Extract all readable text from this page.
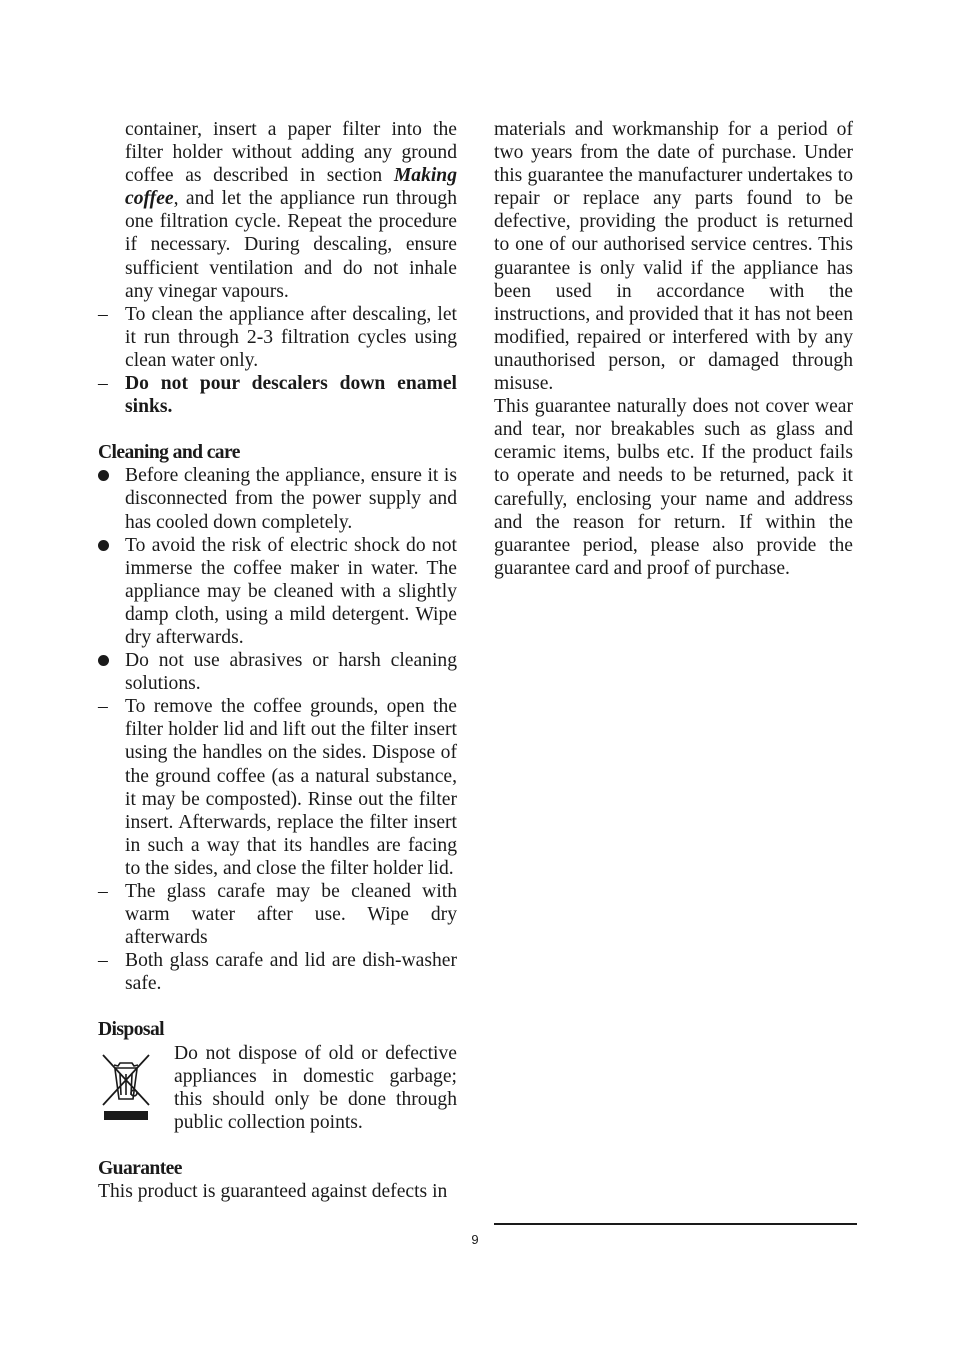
container, insert a paper filter into the filter holder without adding any ground coffee as described in section Making coffee, and let the appliance run through one filtration cycle. Repeat the procedure if necessary. During descaling, ensure sufficient ventilation and do not inhale any vinegar vapours.

– To clean the appliance after descaling, let it run through 2-3 filtration cycles using clean water only.
– Do not pour descalers down enamel sinks.

Cleaning and care

Before cleaning the appliance, ensure it is disconnected from the power supply and has cooled down completely.
To avoid the risk of electric shock do not immerse the coffee maker in water. The appliance may be cleaned with a slightly damp cloth, using a mild detergent. Wipe dry afterwards.
Do not use abrasives or harsh cleaning solutions.
– To remove the coffee grounds, open the filter holder lid and lift out the filter insert using the handles on the sides. Dispose of the ground coffee (as a natural substance, it may be composted). Rinse out the filter insert. Afterwards, replace the filter insert in such a way that its handles are facing to the sides, and close the filter holder lid.
– The glass carafe may be cleaned with warm water after use. Wipe dry afterwards
– Both glass carafe and lid are dish-washer safe.

Disposal

Do not dispose of old or defective appliances in domestic garbage; this should only be done through public collection points.

Guarantee

This product is guaranteed against defects in

materials and workmanship for a period of two years from the date of purchase. Under this guarantee the manufacturer undertakes to repair or replace any parts found to be defective, providing the product is returned to one of our authorised service centres. This guarantee is only valid if the appliance has been used in accordance with the instructions, and provided that it has not been modified, repaired or interfered with by any unauthorised person, or damaged through misuse.

This guarantee naturally does not cover wear and tear, nor breakables such as glass and ceramic items, bulbs etc. If the product fails to operate and needs to be returned, pack it carefully, enclosing your name and address and the reason for return. If within the guarantee period, please also provide the guarantee card and proof of purchase.

9
